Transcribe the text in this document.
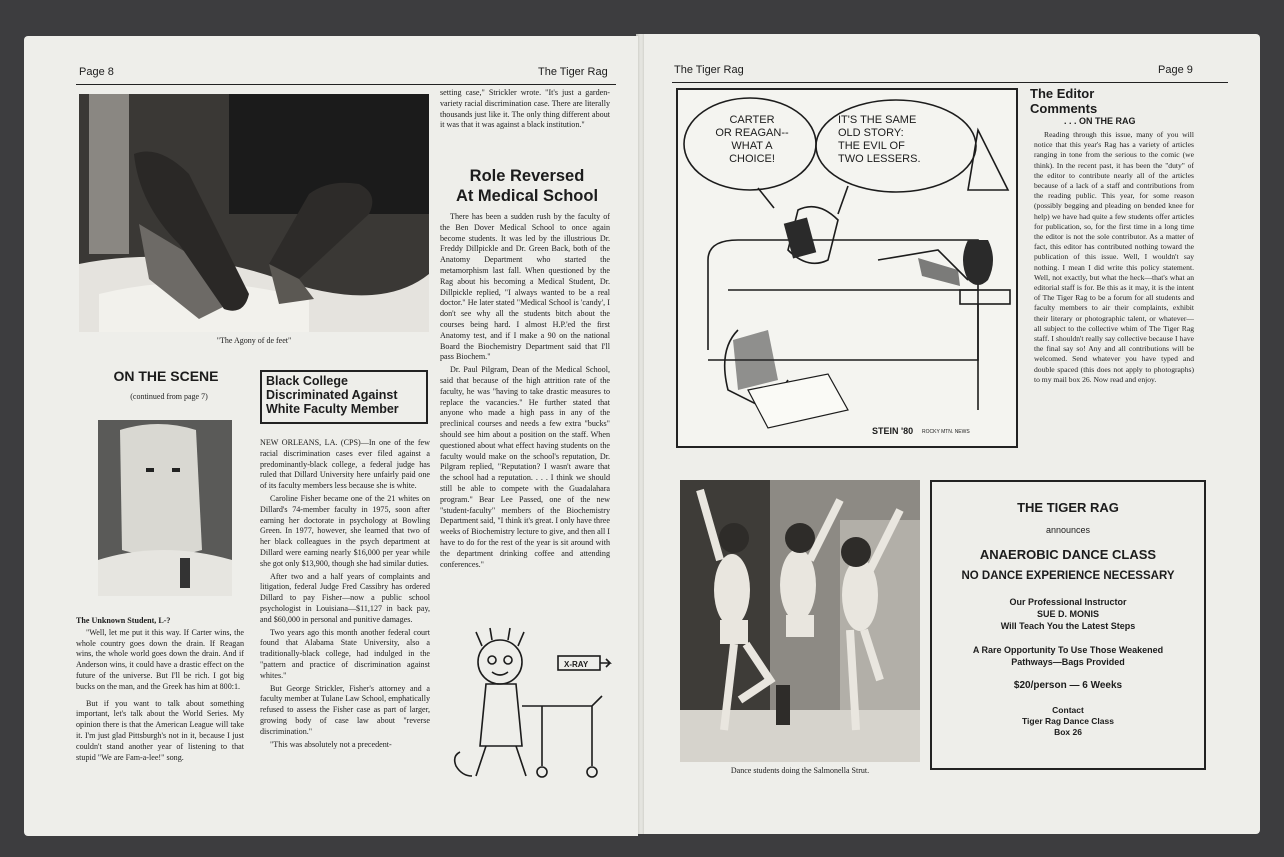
Page 8	The Tiger Rag
"The Agony of de feet"
ON THE SCENE
(continued from page 7)
The Unknown Student, L-?

"Well, let me put it this way. If Carter wins, the whole country goes down the drain. If Reagan wins, the whole world goes down the drain. And if Anderson wins, it could have a drastic effect on the future of the universe. But I'll be rich. I got big bucks on the man, and the Greek has him at 800:1.

But if you want to talk about something important, let's talk about the World Series. My opinion there is that the American League will take it. I'm just glad Pittsburgh's not in it, because I just couldn't stand another year of listening to that stupid "We are Fam-a-lee!" song.

Black College Discriminated Against White Faculty Member

NEW ORLEANS, LA. (CPS)—In one of the few racial discrimination cases ever filed against a predominantly-black college, a federal judge has ruled that Dillard University here unfairly paid one of its faculty members less because she is white.

Caroline Fisher became one of the 21 whites on Dillard's 74-member faculty in 1975, soon after earning her doctorate in psychology at Bowling Green. In 1977, however, she learned that two of her black colleagues in the psych department at Dillard were earning nearly $16,000 per year while she got only $13,900, though she had similar duties.

After two and a half years of complaints and litigation, federal Judge Fred Cassibry has ordered Dillard to pay Fisher—now a public school psychologist in Louisiana—$11,127 in back pay, and $60,000 in personal and punitive damages.

Two years ago this month another federal court found that Alabama State University, also a traditionally-black college, had indulged in the "pattern and practice of discrimination against whites."

But George Strickler, Fisher's attorney and a faculty member at Tulane Law School, emphatically refused to assess the Fisher case as part of larger, growing body of case law about "reverse discrimination."

"This was absolutely not a precedent-

setting case," Strickler wrote. "It's just a garden-variety racial discrimination case. There are literally thousands just like it. The only thing different about it was that it was against a black institution."
Role Reversed
At Medical School

There has been a sudden rush by the faculty of the Ben Dover Medical School to once again become students. It was led by the illustrious Dr. Freddy Dillpickle and Dr. Green Back, both of the Anatomy Department who started the metamorphism last fall. When questioned by the Rag about his becoming a Medical Student, Dr. Dillpickle replied, "I always wanted to be a real doctor." He later stated "Medical School is 'candy', I don't see why all the students bitch about the courses being hard. I almost H.P.'ed the first Anatomy test, and if I make a 90 on the national Board the Biochemistry Department said that I'll pass Biochem."

Dr. Paul Pilgram, Dean of the Medical School, said that because of the high attrition rate of the faculty, he was "having to take drastic measures to replace the vacancies." He further stated that anyone who made a high pass in any of the preclinical courses and needs a few extra "bucks" should see him about a position on the staff. When questioned about what effect having students on the faculty would make on the school's reputation, Dr. Pilgram replied, "Reputation? I wasn't aware that the school had a reputation. . . . I think we should still be able to compete with the Guadalahara program." Bear Lee Passed, one of the new "student-faculty" members of the Biochemistry Department said, "I think it's great. I only have three weeks of Biochemistry lecture to give, and then all I have to do for the rest of the year is sit around with the department drinking coffee and attending conferences."

X-RAY
The Tiger Rag	Page 9
CARTER
OR REAGAN--
WHAT A
CHOICE!
IT'S THE SAME
OLD STORY:
THE EVIL OF
TWO LESSERS.
STEIN '80 ROCKY MTN. NEWS
The Editor
Comments
. . . ON THE RAG

Reading through this issue, many of you will notice that this year's Rag has a variety of articles ranging in tone from the serious to the comic (we think). In the recent past, it has been the "duty" of the editor to contribute nearly all of the articles because of a lack of a staff and contributions from the reading public. This year, for some reason (possibly begging and pleading on bended knee for help) we have had quite a few students offer articles for publication, so, for the first time in a long time the editor is not the sole contributor. As a matter of fact, this editor has contributed nothing toward the publication of this issue. Well, I wouldn't say nothing. I mean I did write this policy statement. Well, not exactly, but what the heck—that's what an editorial staff is for. Be this as it may, it is the intent of The Tiger Rag to be a forum for all students and faculty members to air their complaints, exhibit their literary or photographic talent, or whatever—all subject to the collective whim of The Tiger Rag staff. I shouldn't really say collective because I have the final say so! Any and all contributions will be welcomed. Send whatever you have typed and double spaced (this does not apply to photographs) to my mail box 26. Now read and enjoy.

Dance students doing the Salmonella Strut.
THE TIGER RAG
announces
ANAEROBIC DANCE CLASS
NO DANCE EXPERIENCE NECESSARY
Our Professional Instructor
SUE D. MONIS
Will Teach You the Latest Steps
A Rare Opportunity To Use Those Weakened
Pathways—Bags Provided
$20/person — 6 Weeks
Contact
Tiger Rag Dance Class
Box 26
